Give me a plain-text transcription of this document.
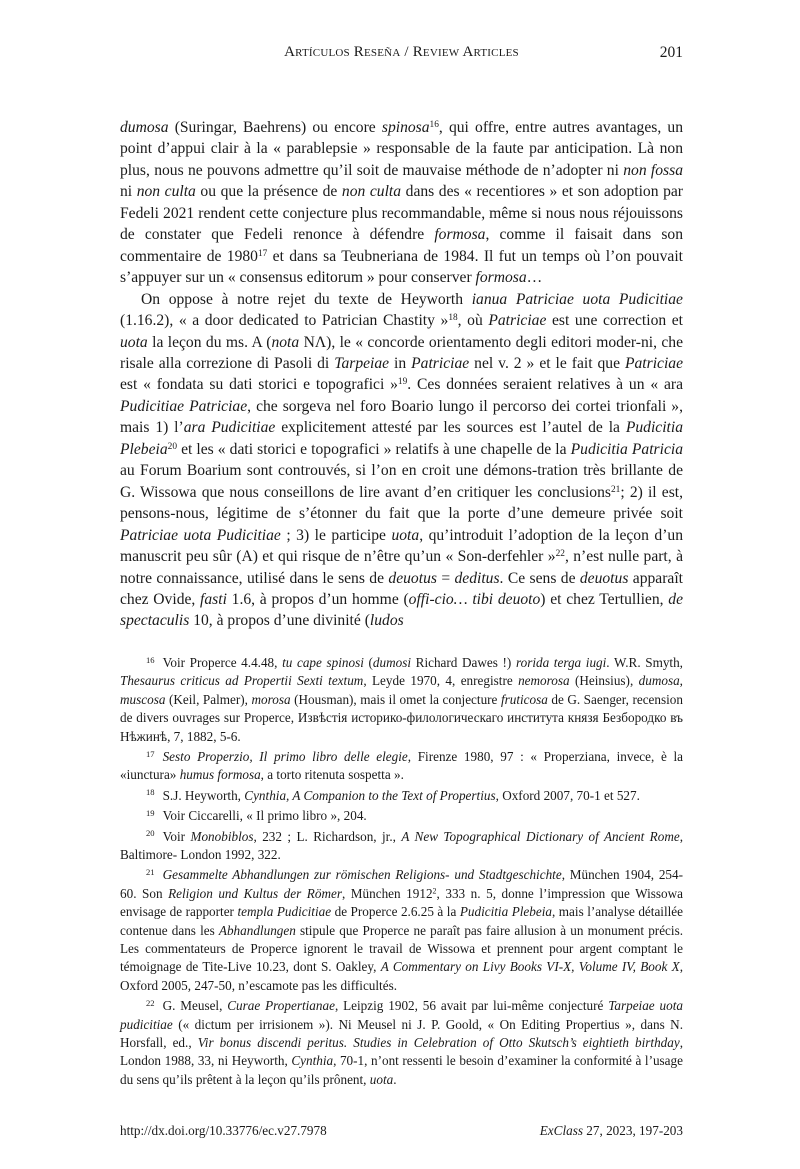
Artículos Reseña / Review Articles	201

dumosa (Suringar, Baehrens) ou encore spinosa$^{16}$, qui offre, entre autres avantages, un point d’appui clair à la « parablepsie » responsable de la faute par anticipation. Là non plus, nous ne pouvons admettre qu’il soit de mauvaise méthode de n’adopter ni non fossa ni non culta ou que la présence de non culta dans des « recentiores » et son adoption par Fedeli 2021 rendent cette conjecture plus recommandable, même si nous nous réjouissons de constater que Fedeli renonce à défendre formosa, comme il faisait dans son commentaire de 1980$^{17}$ et dans sa Teubneriana de 1984. Il fut un temps où l’on pouvait s’appuyer sur un « consensus editorum » pour conserver formosa…

On oppose à notre rejet du texte de Heyworth ianua Patriciae uota Pudicitiae (1.16.2), « a door dedicated to Patrician Chastity »$^{18}$, où Patriciae est une correction et uota la leçon du ms. A (nota NΛ), le « concorde orientamento degli editori moder-ni, che risale alla correzione di Pasoli di Tarpeiae in Patriciae nel v. 2 » et le fait que Patriciae est « fondata su dati storici e topografici »$^{19}$. Ces données seraient relatives à un « ara Pudicitiae Patriciae, che sorgeva nel foro Boario lungo il percorso dei cortei trionfali », mais 1) l’ara Pudicitiae explicitement attesté par les sources est l’autel de la Pudicitia Plebeia$^{20}$ et les « dati storici e topografici » relatifs à une chapelle de la Pudicitia Patricia au Forum Boarium sont controuvés, si l’on en croit une démons-tration très brillante de G. Wissowa que nous conseillons de lire avant d’en critiquer les conclusions$^{21}$; 2) il est, pensons-nous, légitime de s’étonner du fait que la porte d’une demeure privée soit Patriciae uota Pudicitiae ; 3) le participe uota, qu’introduit l’adoption de la leçon d’un manuscrit peu sûr (A) et qui risque de n’être qu’un « Son-derfehler »$^{22}$, n’est nulle part, à notre connaissance, utilisé dans le sens de deuotus = deditus. Ce sens de deuotus apparaît chez Ovide, fasti 1.6, à propos d’un homme (offi-cio… tibi deuoto) et chez Tertullien, de spectaculis 10, à propos d’une divinité (ludos

$^{16}$ Voir Properce 4.4.48, tu cape spinosi (dumosi Richard Dawes !) rorida terga iugi. W.R. Smyth, Thesaurus criticus ad Propertii Sexti textum, Leyde 1970, 4, enregistre nemorosa (Heinsius), dumosa, muscosa (Keil, Palmer), morosa (Housman), mais il omet la conjecture fruticosa de G. Saenger, recension de divers ouvrages sur Properce, Извѣстія историко-филологическаго института князя Безбородко въ Нѣжинѣ, 7, 1882, 5-6.

$^{17}$ Sesto Properzio, Il primo libro delle elegie, Firenze 1980, 97 : « Properziana, invece, è la «iunctura» humus formosa, a torto ritenuta sospetta ».

$^{18}$ S.J. Heyworth, Cynthia, A Companion to the Text of Propertius, Oxford 2007, 70-1 et 527.

$^{19}$ Voir Ciccarelli, « Il primo libro », 204.

$^{20}$ Voir Monobiblos, 232 ; L. Richardson, jr., A New Topographical Dictionary of Ancient Rome, Baltimore- London 1992, 322.

$^{21}$ Gesammelte Abhandlungen zur römischen Religions- und Stadtgeschichte, München 1904, 254-60. Son Religion und Kultus der Römer, München 1912$^2$, 333 n. 5, donne l’impression que Wissowa envisage de rapporter templa Pudicitiae de Properce 2.6.25 à la Pudicitia Plebeia, mais l’analyse détaillée contenue dans les Abhandlungen stipule que Properce ne paraît pas faire allusion à un monument précis. Les commentateurs de Properce ignorent le travail de Wissowa et prennent pour argent comptant le témoignage de Tite-Live 10.23, dont S. Oakley, A Commentary on Livy Books VI-X, Volume IV, Book X, Oxford 2005, 247-50, n’escamote pas les difficultés.

$^{22}$ G. Meusel, Curae Propertianae, Leipzig 1902, 56 avait par lui-même conjecturé Tarpeiae uota pudicitiae (« dictum per irrisionem »). Ni Meusel ni J. P. Goold, « On Editing Propertius », dans N. Horsfall, ed., Vir bonus discendi peritus. Studies in Celebration of Otto Skutsch’s eightieth birthday, London 1988, 33, ni Heyworth, Cynthia, 70-1, n’ont ressenti le besoin d’examiner la conformité à l’usage du sens qu’ils prêtent à la leçon qu’ils prônent, uota.

http://dx.doi.org/10.33776/ec.v27.7978	ExClass 27, 2023, 197-203
